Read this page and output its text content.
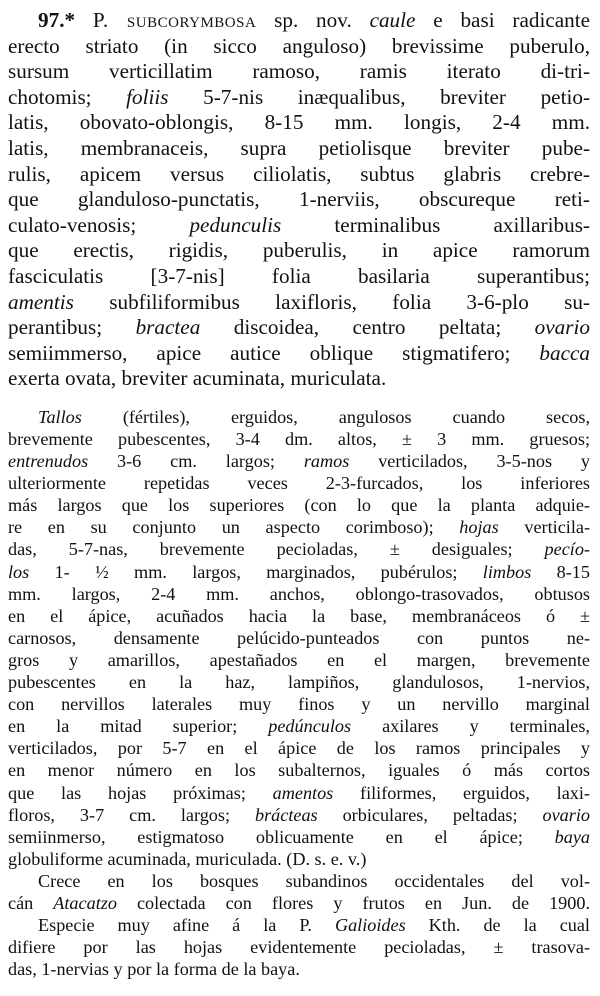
97.* P. subcorymbosa sp. nov. caule e basi radicante
erecto striato (in sicco anguloso) brevissime puberulo,
sursum verticillatim ramoso, ramis iterato di-tri-
chotomis; foliis 5-7-nis inæqualibus, breviter petio-
latis, obovato-oblongis, 8-15 mm. longis, 2-4 mm.
latis, membranaceis, supra petiolisque breviter pube-
rulis, apicem versus ciliolatis, subtus glabris crebre-
que glanduloso-punctatis, 1-nerviis, obscureque reti-
culato-venosis; pedunculis terminalibus axillaribus-
que erectis, rigidis, puberulis, in apice ramorum
fasciculatis [3-7-nis] folia basilaria superantibus;
amentis subfiliformibus laxifloris, folia 3-6-plo su-
perantibus; bractea discoidea, centro peltata; ovario
semiimmerso, apice autice oblique stigmatifero; bacca
exerta ovata, breviter acuminata, muriculata.
Tallos (fértiles), erguidos, angulosos cuando secos,
brevemente pubescentes, 3-4 dm. altos, ± 3 mm. gruesos;
entrenudos 3-6 cm. largos; ramos verticilados, 3-5-nos y
ulteriormente repetidas veces 2-3-furcados, los inferiores
más largos que los superiores (con lo que la planta adquie-
re en su conjunto un aspecto corimboso); hojas verticila-
das, 5-7-nas, brevemente pecioladas, ± desiguales; pecío-
los 1- ½ mm. largos, marginados, pubérulos; limbos 8-15
mm. largos, 2-4 mm. anchos, oblongo-trasovados, obtusos
en el ápice, acuñados hacia la base, membranáceos ó ±
carnosos, densamente pelúcido-punteados con puntos ne-
gros y amarillos, apestañados en el margen, brevemente
pubescentes en la haz, lampiños, glandulosos, 1-nervios,
con nervillos laterales muy finos y un nervillo marginal
en la mitad superior; pedúnculos axilares y terminales,
verticilados, por 5-7 en el ápice de los ramos principales y
en menor número en los subalternos, iguales ó más cortos
que las hojas próximas; amentos filiformes, erguidos, laxi-
floros, 3-7 cm. largos; brácteas orbiculares, peltadas; ovario
semiinmerso, estigmatoso oblicuamente en el ápice; baya
globuliforme acuminada, muriculada. (D. s. e. v.)
Crece en los bosques subandinos occidentales del vol-
cán Atacatzo colectada con flores y frutos en Jun. de 1900.
Especie muy afine á la P. Galioides Kth. de la cual
difiere por las hojas evidentemente pecioladas, ± trasova-
das, 1-nervias y por la forma de la baya.
